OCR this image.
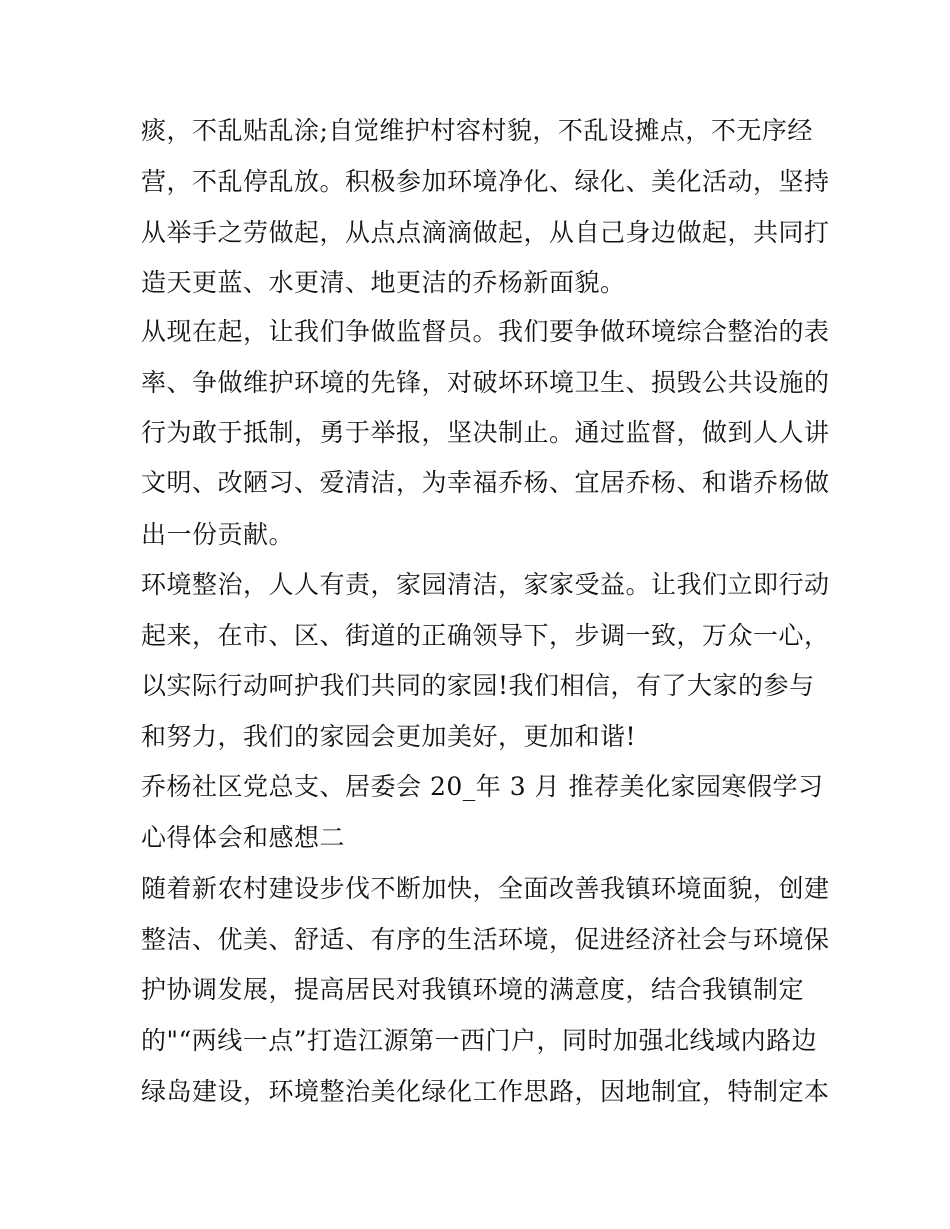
痰，不乱贴乱涂;自觉维护村容村貌，不乱设摊点，不无序经
营，不乱停乱放。积极参加环境净化、绿化、美化活动，坚持
从举手之劳做起，从点点滴滴做起，从自己身边做起，共同打
造天更蓝、水更清、地更洁的乔杨新面貌。
从现在起，让我们争做监督员。我们要争做环境综合整治的表
率、争做维护环境的先锋，对破坏环境卫生、损毁公共设施的
行为敢于抵制，勇于举报，坚决制止。通过监督，做到人人讲
文明、改陋习、爱清洁，为幸福乔杨、宜居乔杨、和谐乔杨做
出一份贡献。
环境整治，人人有责，家园清洁，家家受益。让我们立即行动
起来，在市、区、街道的正确领导下，步调一致，万众一心，
以实际行动呵护我们共同的家园!我们相信，有了大家的参与
和努力，我们的家园会更加美好，更加和谐!
乔杨社区党总支、居委会 20_年 3 月 推荐美化家园寒假学习
心得体会和感想二
随着新农村建设步伐不断加快，全面改善我镇环境面貌，创建
整洁、优美、舒适、有序的生活环境，促进经济社会与环境保
护协调发展，提高居民对我镇环境的满意度，结合我镇制定
的"“两线一点”打造江源第一西门户，同时加强北线域内路边
绿岛建设，环境整治美化绿化工作思路，因地制宜，特制定本
